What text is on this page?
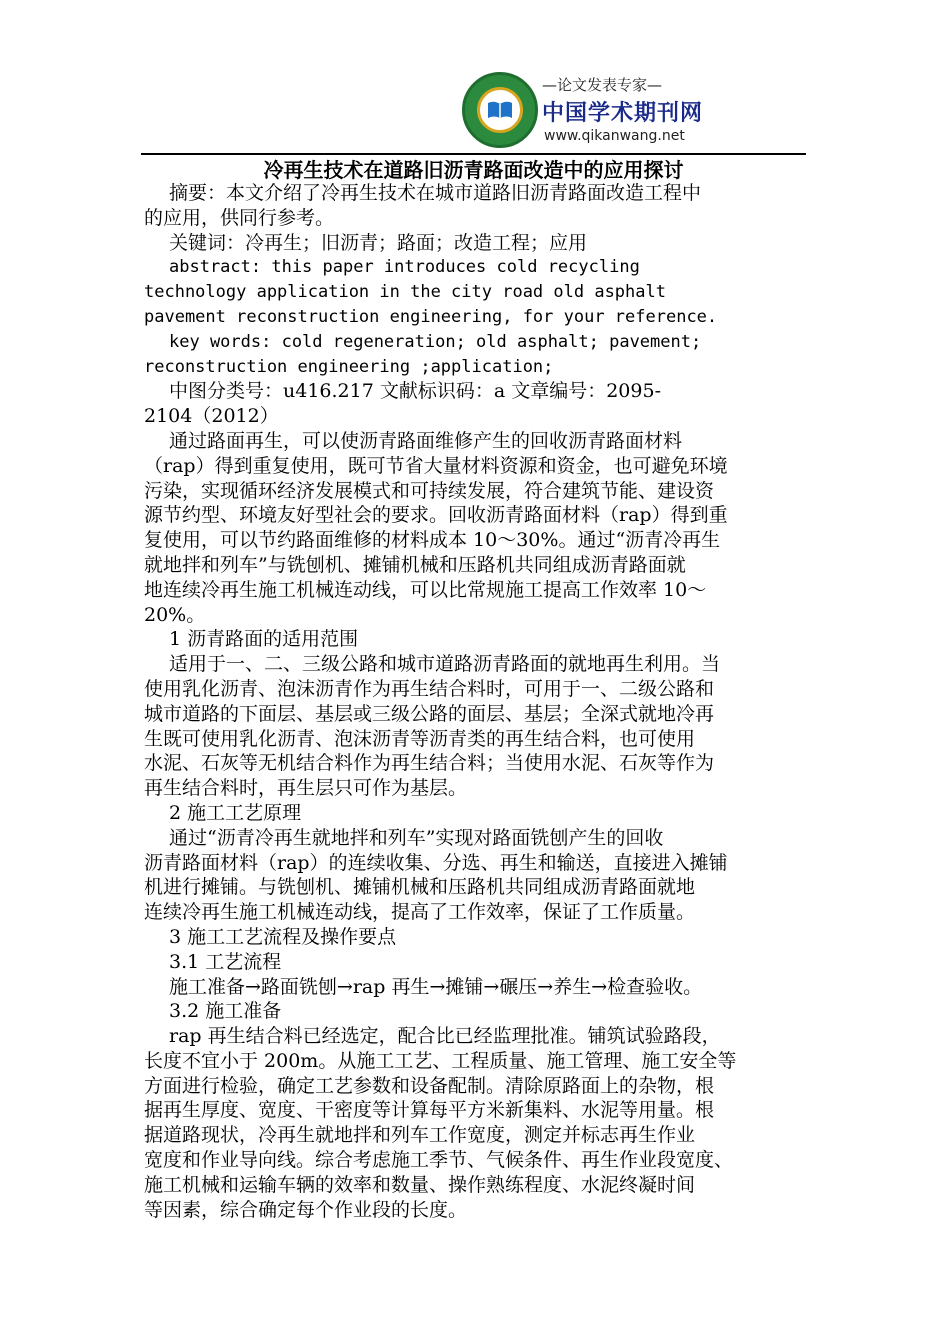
—论文发表专家—
中国学术期刊网
www.qikanwang.net
冷再生技术在道路旧沥青路面改造中的应用探讨
摘要：本文介绍了冷再生技术在城市道路旧沥青路面改造工程中
的应用，供同行参考。
关键词：冷再生；旧沥青；路面；改造工程；应用
abstract: this paper introduces cold recycling
technology application in the city road old asphalt
pavement reconstruction engineering, for your reference.
key words: cold regeneration; old asphalt; pavement;
reconstruction engineering ;application;
中图分类号：u416.217 文献标识码：a 文章编号：2095-
2104（2012）
通过路面再生，可以使沥青路面维修产生的回收沥青路面材料
（rap）得到重复使用，既可节省大量材料资源和资金，也可避免环境
污染，实现循环经济发展模式和可持续发展，符合建筑节能、建设资
源节约型、环境友好型社会的要求。回收沥青路面材料（rap）得到重
复使用，可以节约路面维修的材料成本 10～30%。通过“沥青冷再生
就地拌和列车”与铣刨机、摊铺机械和压路机共同组成沥青路面就
地连续冷再生施工机械连动线，可以比常规施工提高工作效率 10～
20%。
1 沥青路面的适用范围
适用于一、二、三级公路和城市道路沥青路面的就地再生利用。当
使用乳化沥青、泡沫沥青作为再生结合料时，可用于一、二级公路和
城市道路的下面层、基层或三级公路的面层、基层；全深式就地冷再
生既可使用乳化沥青、泡沫沥青等沥青类的再生结合料，也可使用
水泥、石灰等无机结合料作为再生结合料；当使用水泥、石灰等作为
再生结合料时，再生层只可作为基层。
2 施工工艺原理
通过“沥青冷再生就地拌和列车”实现对路面铣刨产生的回收
沥青路面材料（rap）的连续收集、分选、再生和输送，直接进入摊铺
机进行摊铺。与铣刨机、摊铺机械和压路机共同组成沥青路面就地
连续冷再生施工机械连动线，提高了工作效率，保证了工作质量。
3 施工工艺流程及操作要点
3.1 工艺流程
施工准备→路面铣刨→rap 再生→摊铺→碾压→养生→检查验收。
3.2 施工准备
rap 再生结合料已经选定，配合比已经监理批准。铺筑试验路段，
长度不宜小于 200m。从施工工艺、工程质量、施工管理、施工安全等
方面进行检验，确定工艺参数和设备配制。清除原路面上的杂物，根
据再生厚度、宽度、干密度等计算每平方米新集料、水泥等用量。根
据道路现状，冷再生就地拌和列车工作宽度，测定并标志再生作业
宽度和作业导向线。综合考虑施工季节、气候条件、再生作业段宽度、
施工机械和运输车辆的效率和数量、操作熟练程度、水泥终凝时间
等因素，综合确定每个作业段的长度。
